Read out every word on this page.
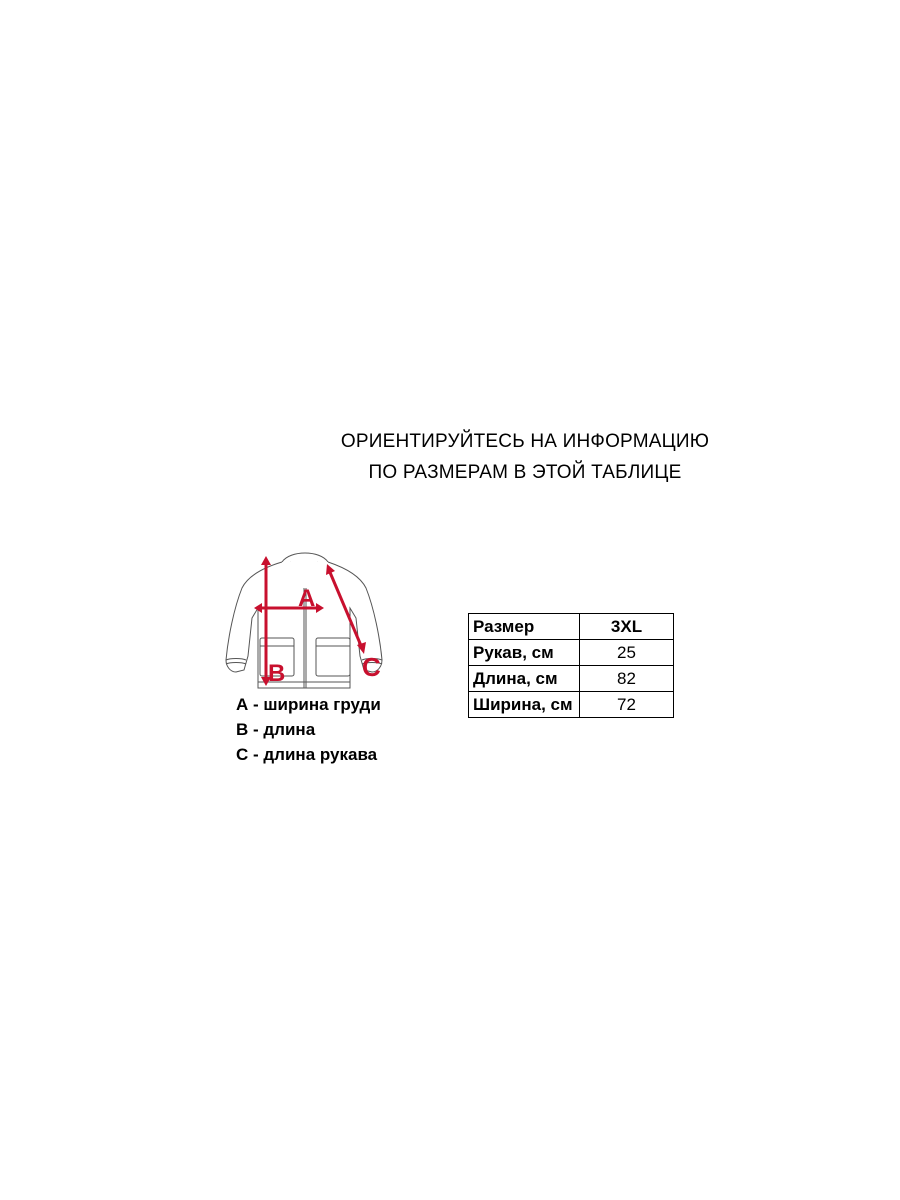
ОРИЕНТИРУЙТЕСЬ НА ИНФОРМАЦИЮ
ПО РАЗМЕРАМ В ЭТОЙ ТАБЛИЦЕ
A
B	C
А - ширина груди
В - длина
С - длина рукава
Размер	3XL
Рукав, см	25
Длина, см	82
Ширина, см	72
